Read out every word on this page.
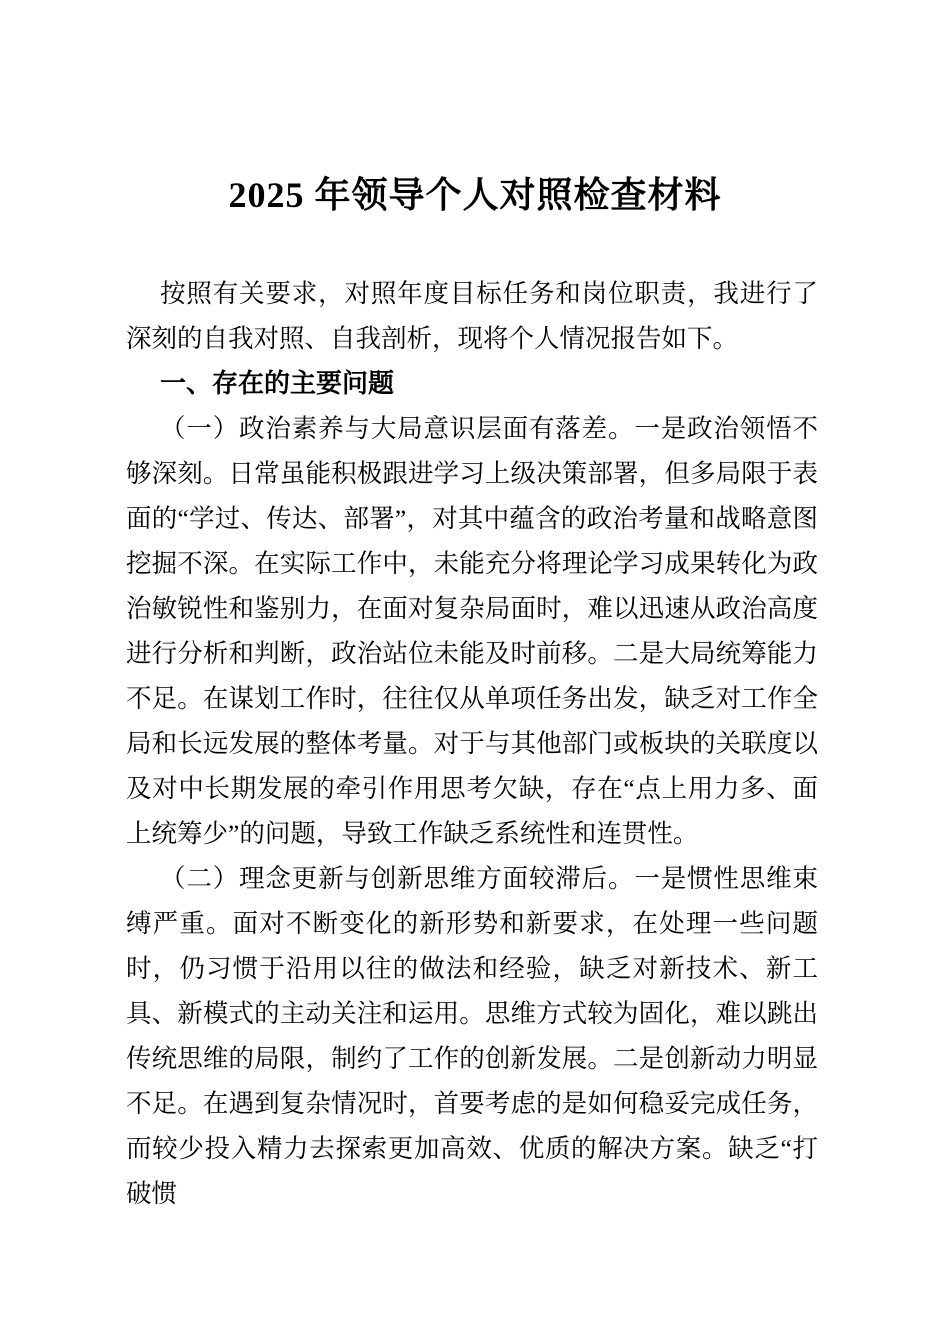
2025 年领导个人对照检查材料

按照有关要求，对照年度目标任务和岗位职责，我进行了深刻的自我对照、自我剖析，现将个人情况报告如下。

一、存在的主要问题

（一）政治素养与大局意识层面有落差。一是政治领悟不够深刻。日常虽能积极跟进学习上级决策部署，但多局限于表面的“学过、传达、部署”，对其中蕴含的政治考量和战略意图挖掘不深。在实际工作中，未能充分将理论学习成果转化为政治敏锐性和鉴别力，在面对复杂局面时，难以迅速从政治高度进行分析和判断，政治站位未能及时前移。二是大局统筹能力不足。在谋划工作时，往往仅从单项任务出发，缺乏对工作全局和长远发展的整体考量。对于与其他部门或板块的关联度以及对中长期发展的牵引作用思考欠缺，存在“点上用力多、面上统筹少”的问题，导致工作缺乏系统性和连贯性。

（二）理念更新与创新思维方面较滞后。一是惯性思维束缚严重。面对不断变化的新形势和新要求，在处理一些问题时，仍习惯于沿用以往的做法和经验，缺乏对新技术、新工具、新模式的主动关注和运用。思维方式较为固化，难以跳出传统思维的局限，制约了工作的创新发展。二是创新动力明显不足。在遇到复杂情况时，首要考虑的是如何稳妥完成任务，而较少投入精力去探索更加高效、优质的解决方案。缺乏“打破惯
